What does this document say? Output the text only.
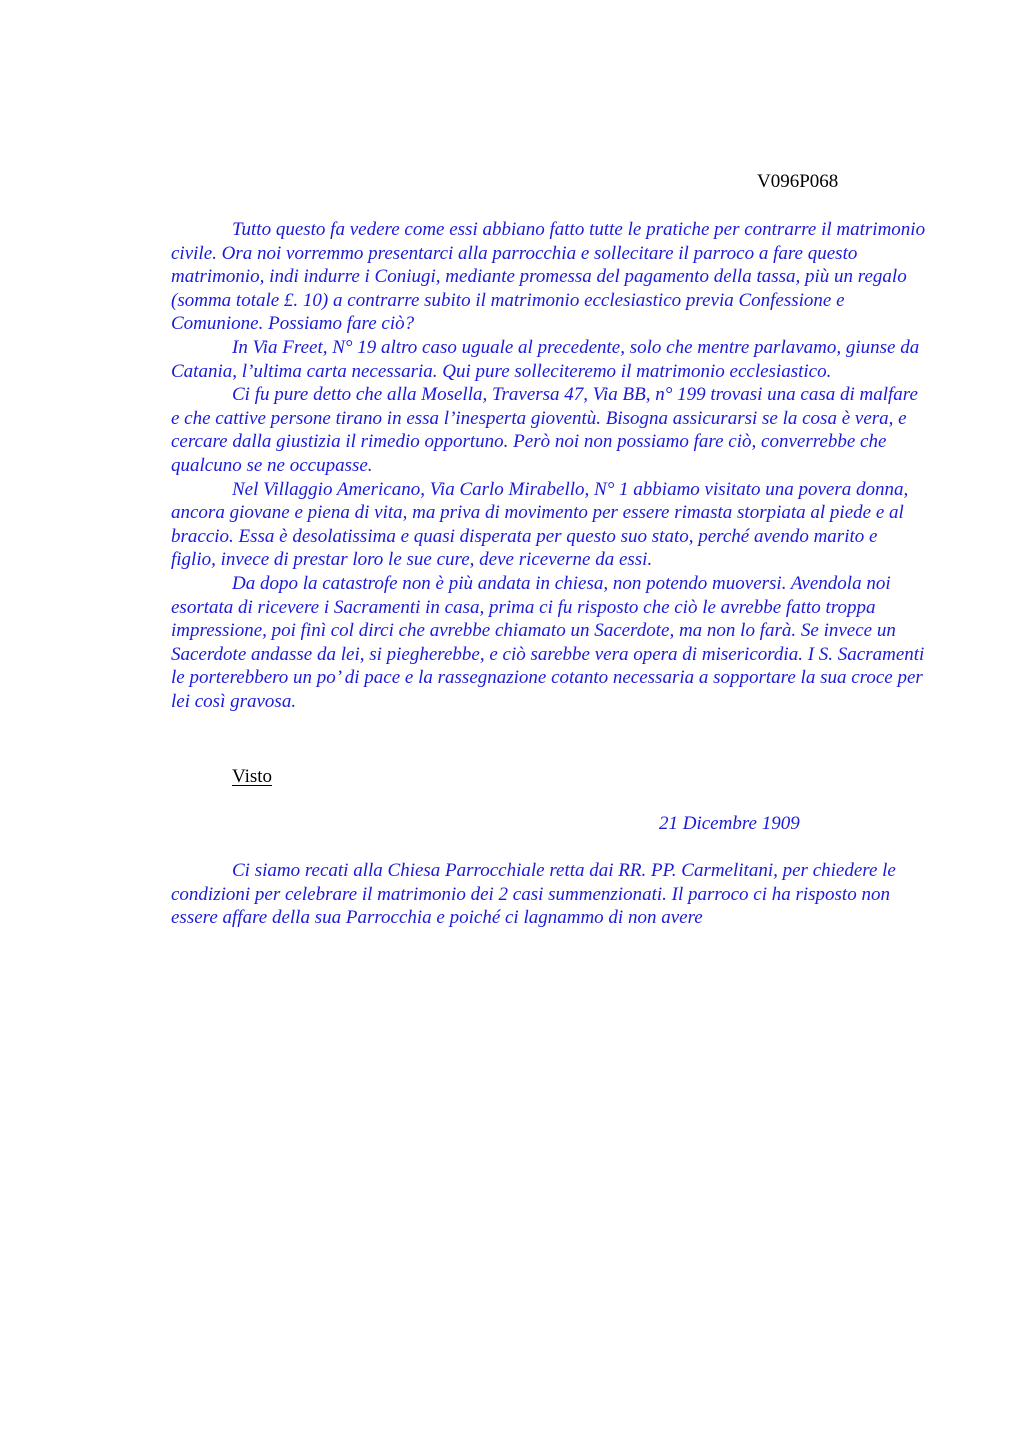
V096P068

Tutto questo fa vedere come essi abbiano fatto tutte le pratiche per contrarre il matrimonio civile. Ora noi vorremmo presentarci alla parrocchia e sollecitare il parroco a fare questo matrimonio, indi indurre i Coniugi, mediante promessa del pagamento della tassa, più un regalo (somma totale £. 10) a contrarre subito il matrimonio ecclesiastico previa Confessione e Comunione. Possiamo fare ciò?

In Via Freet, N° 19 altro caso uguale al precedente, solo che mentre parlavamo, giunse da Catania, l’ultima carta necessaria. Qui pure solleciteremo il matrimonio ecclesiastico.

Ci fu pure detto che alla Mosella, Traversa 47, Via BB, n° 199 trovasi una casa di malfare e che cattive persone tirano in essa l’inesperta gioventù. Bisogna assicurarsi se la cosa è vera, e cercare dalla giustizia il rimedio opportuno. Però noi non possiamo fare ciò, converrebbe che qualcuno se ne occupasse.

Nel Villaggio Americano, Via Carlo Mirabello, N° 1 abbiamo visitato una povera donna, ancora giovane e piena di vita, ma priva di movimento per essere rimasta storpiata al piede e al braccio. Essa è desolatissima e quasi disperata per questo suo stato, perché avendo marito e figlio, invece di prestar loro le sue cure, deve riceverne da essi.

Da dopo la catastrofe non è più andata in chiesa, non potendo muoversi. Avendola noi esortata di ricevere i Sacramenti in casa, prima ci fu risposto che ciò le avrebbe fatto troppa impressione, poi finì col dirci che avrebbe chiamato un Sacerdote, ma non lo farà. Se invece un Sacerdote andasse da lei, si piegherebbe, e ciò sarebbe vera opera di misericordia. I S. Sacramenti le porterebbero un po’ di pace e la rassegnazione cotanto necessaria a sopportare la sua croce per lei così gravosa.

Visto
21 Dicembre 1909

Ci siamo recati alla Chiesa Parrocchiale retta dai RR. PP. Carmelitani, per chiedere le condizioni per celebrare il matrimonio dei 2 casi summenzionati. Il parroco ci ha risposto non essere affare della sua Parrocchia e poiché ci lagnammo di non avere
